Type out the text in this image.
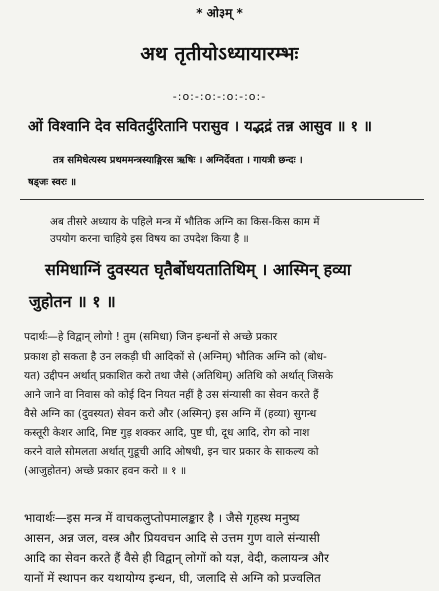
* ओ३म् *
अथ तृतीयोऽध्यायारम्भः
-:o:-:o:-:o:-:o:-
ओं विश्वानि देव सवितर्दुरितानि परासुव । यद्भद्रं तन्न आसुव ॥ १ ॥
तत्र समिधेत्यस्य प्रथममन्त्रस्याङ्गिरस ऋषिः । अग्निर्देवता । गायत्री छन्दः ।
षड्जः स्वरः ॥
अब तीसरे अध्याय के पहिले मन्त्र में भौतिक अग्नि का किस-किस काम में
उपयोग करना चाहिये इस विषय का उपदेश किया है ॥
समिधाग्निं दुवस्यत घृतैर्बोधयतातिथिम् । आस्मिन् हव्या
जुहोतन ॥ १ ॥
पदार्थः—हे विद्वान् लोगो ! तुम (समिधा) जिन इन्धनों से अच्छे प्रकार
प्रकाश हो सकता है उन लकड़ी घी आदिकों से (अग्निम्) भौतिक अग्नि को (बोध-
यत) उद्दीपन अर्थात् प्रकाशित करो तथा जैसे (अतिथिम्) अतिथि को अर्थात् जिसके
आने जाने वा निवास को कोई दिन नियत नहीं है उस संन्यासी का सेवन करते हैं
वैसे अग्नि का (दुवस्यत) सेवन करो और (अस्मिन्) इस अग्नि में (हव्या) सुगन्ध
कस्तूरी केशर आदि, मिष्ट गुड़ शक्कर आदि, पुष्ट घी, दूध आदि, रोग को नाश
करने वाले सोमलता अर्थात् गुडूची आदि ओषधी, इन चार प्रकार के साकल्य को
(आजुहोतन) अच्छे प्रकार हवन करो ॥ १ ॥
भावार्थः—इस मन्त्र में वाचकलुप्तोपमालङ्कार है । जैसे गृहस्थ मनुष्य
आसन, अन्न जल, वस्त्र और प्रियवचन आदि से उत्तम गुण वाले संन्यासी
आदि का सेवन करते हैं वैसे ही विद्वान् लोगों को यज्ञ, वेदी, कलायन्त्र और
यानों में स्थापन कर यथायोग्य इन्धन, घी, जलादि से अग्नि को प्रज्वलित
